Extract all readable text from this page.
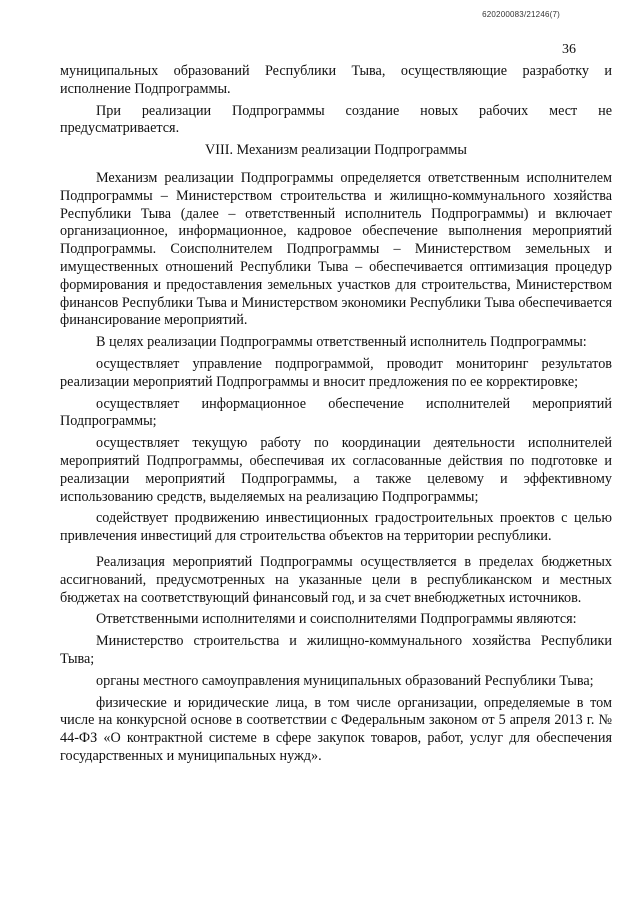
620200083/21246(7)
36

муниципальных образований Республики Тыва, осуществляющие разработку и исполнение Подпрограммы.

При реализации Подпрограммы создание новых рабочих мест не предусматривается.

VIII. Механизм реализации Подпрограммы

Механизм реализации Подпрограммы определяется ответственным исполнителем Подпрограммы – Министерством строительства и жилищно-коммунального хозяйства Республики Тыва (далее – ответственный исполнитель Подпрограммы) и включает организационное, информационное, кадровое обеспечение выполнения мероприятий Подпрограммы. Соисполнителем Подпрограммы – Министерством земельных и имущественных отношений Республики Тыва – обеспечивается оптимизация процедур формирования и предоставления земельных участков для строительства, Министерством финансов Республики Тыва и Министерством экономики Республики Тыва обеспечивается финансирование мероприятий.

В целях реализации Подпрограммы ответственный исполнитель Подпрограммы:

осуществляет управление подпрограммой, проводит мониторинг результатов реализации мероприятий Подпрограммы и вносит предложения по ее корректировке;

осуществляет информационное обеспечение исполнителей мероприятий Подпрограммы;

осуществляет текущую работу по координации деятельности исполнителей мероприятий Подпрограммы, обеспечивая их согласованные действия по подготовке и реализации мероприятий Подпрограммы, а также целевому и эффективному использованию средств, выделяемых на реализацию Подпрограммы;

содействует продвижению инвестиционных градостроительных проектов с целью привлечения инвестиций для строительства объектов на территории республики.

Реализация мероприятий Подпрограммы осуществляется в пределах бюджетных ассигнований, предусмотренных на указанные цели в республиканском и местных бюджетах на соответствующий финансовый год, и за счет внебюджетных источников.

Ответственными исполнителями и соисполнителями Подпрограммы являются:

Министерство строительства и жилищно-коммунального хозяйства Республики Тыва;

органы местного самоуправления муниципальных образований Республики Тыва;

физические и юридические лица, в том числе организации, определяемые в том числе на конкурсной основе в соответствии с Федеральным законом от 5 апреля 2013 г. № 44-ФЗ «О контрактной системе в сфере закупок товаров, работ, услуг для обеспечения государственных и муниципальных нужд».
